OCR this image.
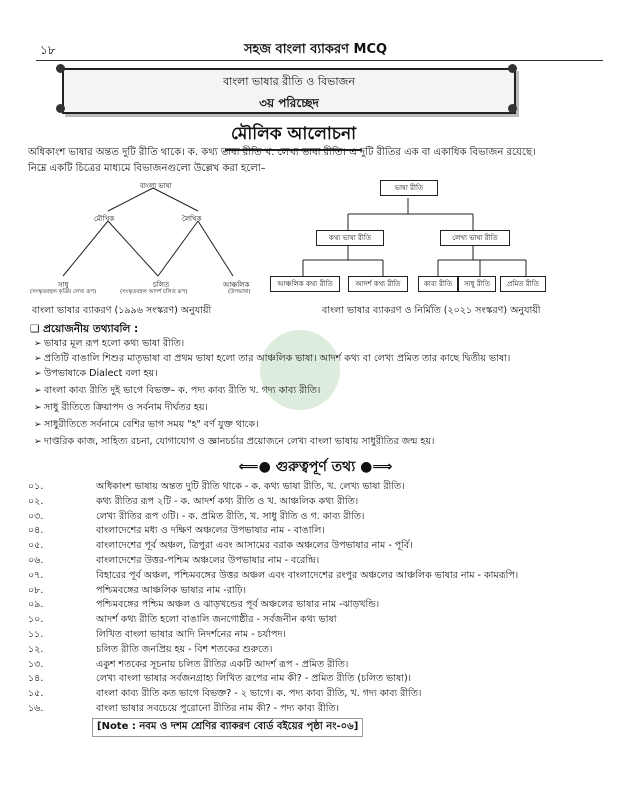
১৮	সহজ বাংলা ব্যাকরণ MCQ
বাংলা ভাষার রীতি ও বিভাজন
৩য় পরিচ্ছেদ
মৌলিক আলোচনা
অধিকাংশ ভাষার অন্তত দুটি রীতি থাকে। ক. কথ্য ভাষা রীতি খ. লেখ্য ভাষা রীতি। এ দুটি রীতির এক বা একাধিক বিভাজন রয়েছে।
নিম্নে একটি চিত্রের মাধ্যমে বিভাজনগুলো উল্লেখ করা হলো–
বাংলা ভাষা
মৌখিক	লৈখিক
সাধু
(সংস্কৃতবহুল কৃত্রিম লেখ্য রূপ)
চলিত
(সংস্কৃতবহুল আদর্শ চলিত রূপ)
আঞ্চলিক
(উপভাষা)
বাংলা ভাষার ব্যাকরণ (১৯৯৬ সংস্করণ) অনুযায়ী
ভাষা রীতি
কথ্য ভাষা রীতি	লেখ্য ভাষা রীতি
আঞ্চলিক কথ্য রীতি	আদর্শ কথ্য রীতি	কাব্য রীতি	সাধু রীতি	প্রমিত রীতি
বাংলা ভাষার ব্যাকরণ ও নির্মিতি (২০২১ সংস্করণ) অনুযায়ী
❑ প্রয়োজনীয় তথ্যাবলি :
➢ ভাষার মূল রূপ হলো কথ্য ভাষা রীতি।
➢ প্রতিটি বাঙালি শিশুর মাতৃভাষা বা প্রথম ভাষা হলো তার আঞ্চলিক ভাষা। আদর্শ কথ্য বা লেখ্য প্রমিত তার কাছে দ্বিতীয় ভাষা।
➢ উপভাষাকে Dialect বলা হয়।
➢ বাংলা কাব্য রীতি দুই ভাগে বিভক্ত– ক. পদ্য কাব্য রীতি খ. গদ্য কাব্য রীতি।
➢ সাধু রীতিতে ক্রিয়াপদ ও সর্বনাম দীর্ঘতর হয়।
➢ সাধুরীতিতে সর্বনামে বেশির ভাগ সময় "হ" বর্ণ যুক্ত থাকে।
➢ দাপ্তরিক কাজ, সাহিত্য রচনা, যোগাযোগ ও জ্ঞানচর্চার প্রয়োজনে লেখ্য বাংলা ভাষায় সাধুরীতির জন্ম হয়।
⟸● গুরুত্বপূর্ণ তথ্য ●⟹
০১.	অধিকাংশ ভাষায় অন্তত দুটি রীতি থাকে - ক. কথ্য ভাষা রীতি, খ. লেখ্য ভাষা রীতি।
০২.	কথ্য রীতির রূপ ২টি - ক. আদর্শ কথ্য রীতি ও খ. আঞ্চলিক কথ্য রীতি।
০৩.	লেখ্য রীতির রূপ ৩টি। - ক. প্রমিত রীতি, খ. সাধু রীতি ও গ. কাব্য রীতি।
০৪.	বাংলাদেশের মধ্য ও দক্ষিণ অঞ্চলের উপভাষার নাম - বাঙালি।
০৫.	বাংলাদেশের পূর্ব অঞ্চল, ত্রিপুরা এবং আসামের বরাক অঞ্চলের উপভাষার নাম - পূর্বি।
০৬.	বাংলাদেশের উত্তর-পশ্চিম অঞ্চলের উপভাষার নাম - বরেন্দ্রি।
০৭.	বিহারের পূর্ব অঞ্চল, পশ্চিমবঙ্গের উত্তর অঞ্চল এবং বাংলাদেশের রংপুর অঞ্চলের আঞ্চলিক ভাষার নাম - কামরূপি।
০৮.	পশ্চিমবঙ্গের আঞ্চলিক ভাষার নাম -রাঢ়ি।
০৯.	পশ্চিমবঙ্গের পশ্চিম অঞ্চল ও ঝাড়খন্ডের পূর্ব অঞ্চলের ভাষার নাম -ঝাড়খন্ডি।
১০.	আদর্শ কথ্য রীতি হলো বাঙালি জনগোষ্ঠীর - সর্বজনীন কথ্য ভাষা
১১.	লিখিত বাংলা ভাষার আদি নিদর্শনের নাম - চর্যাপদ।
১২.	চলিত রীতি জনপ্রিয় হয় - বিশ শতকের শুরুতে।
১৩.	একুশ শতকের সূচনায় চলিত রীতির একটি আদর্শ রূপ - প্রমিত রীতি।
১৪.	লেখ্য বাংলা ভাষার সর্বজনগ্রাহ্য লিখিত রূপের নাম কী? - প্রমিত রীতি (চলিত ভাষা)।
১৫.	বাংলা কাব্য রীতি কত ভাগে বিভক্ত? - ২ ভাগে। ক. পদ্য কাব্য রীতি, খ. গদ্য কাব্য রীতি।
১৬.	বাংলা ভাষার সবচেয়ে পুরোনো রীতির নাম কী? - পদ্য কাব্য রীতি।
[Note : নবম ও দশম শ্রেণির ব্যাকরণ বোর্ড বইয়ের পৃষ্ঠা নং-০৬]
